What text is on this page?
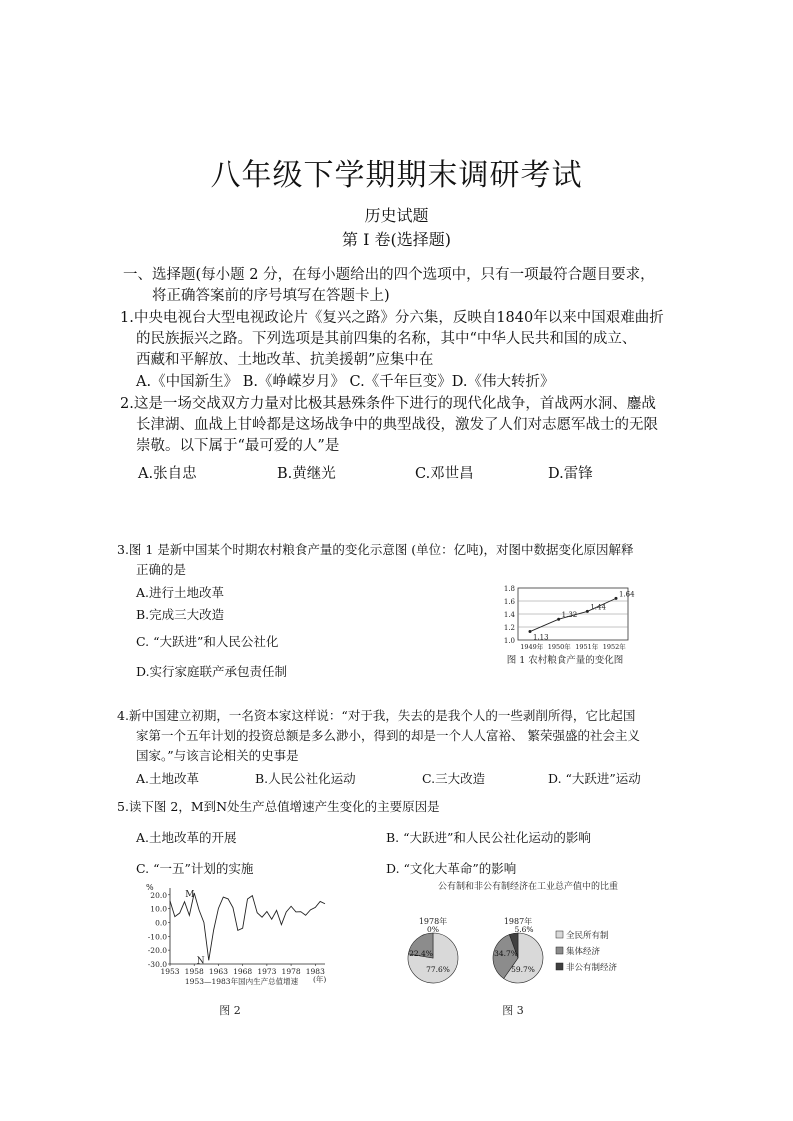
八年级下学期期末调研考试
历史试题
第 I 卷(选择题)
一、选择题(每小题 2 分，在每小题给出的四个选项中，只有一项最符合题目要求，
将正确答案前的序号填写在答题卡上)
1.中央电视台大型电视政论片《复兴之路》分六集，反映自1840年以来中国艰难曲折
的民族振兴之路。下列选项是其前四集的名称，其中“中华人民共和国的成立、
西藏和平解放、土地改革、抗美援朝”应集中在
A.《中国新生》 B.《峥嵘岁月》 C.《千年巨变》D.《伟大转折》
2.这是一场交战双方力量对比极其悬殊条件下进行的现代化战争，首战两水洞、鏖战
长津湖、血战上甘岭都是这场战争中的典型战役，激发了人们对志愿军战士的无限
崇敬。以下属于“最可爱的人”是
A.张自忠	B.黄继光	C.邓世昌	D.雷锋
3.图 1 是新中国某个时期农村粮食产量的变化示意图 (单位：亿吨)，对图中数据变化原因解释
正确的是
A.进行土地改革
B.完成三大改造
C. “大跃进”和人民公社化
D.实行家庭联产承包责任制
1.8
1.6
1.4
1.2
1.0
1949年 1950年 1951年 1952年
1.13
1.32
1.44
1.64
图 1 农村粮食产量的变化图
4.新中国建立初期，一名资本家这样说：“对于我，失去的是我个人的一些剥削所得，它比起国
家第一个五年计划的投资总额是多么渺小，得到的却是一个人人富裕、 繁荣强盛的社会主义
国家。”与该言论相关的史事是
A.土地改革	B.人民公社化运动	C.三大改造	D. “大跃进”运动
5.读下图 2，M到N处生产总值增速产生变化的主要原因是
A.土地改革的开展	B. “大跃进”和人民公社化运动的影响
C. “一五”计划的实施	D. “文化大革命”的影响
%
20.0
10.0
0.0
-10.0
-20.0
-30.0
1953 1958 1963 1968 1973 1978 1983
(年)
M
N
1953—1983年国内生产总值增速
图 2
公有制和非公有制经济在工业总产值中的比重
1978年
77.6%
22.4%
0%
1987年
59.7%
34.7%
5.6%
全民所有制
集体经济
非公有制经济
图 3
